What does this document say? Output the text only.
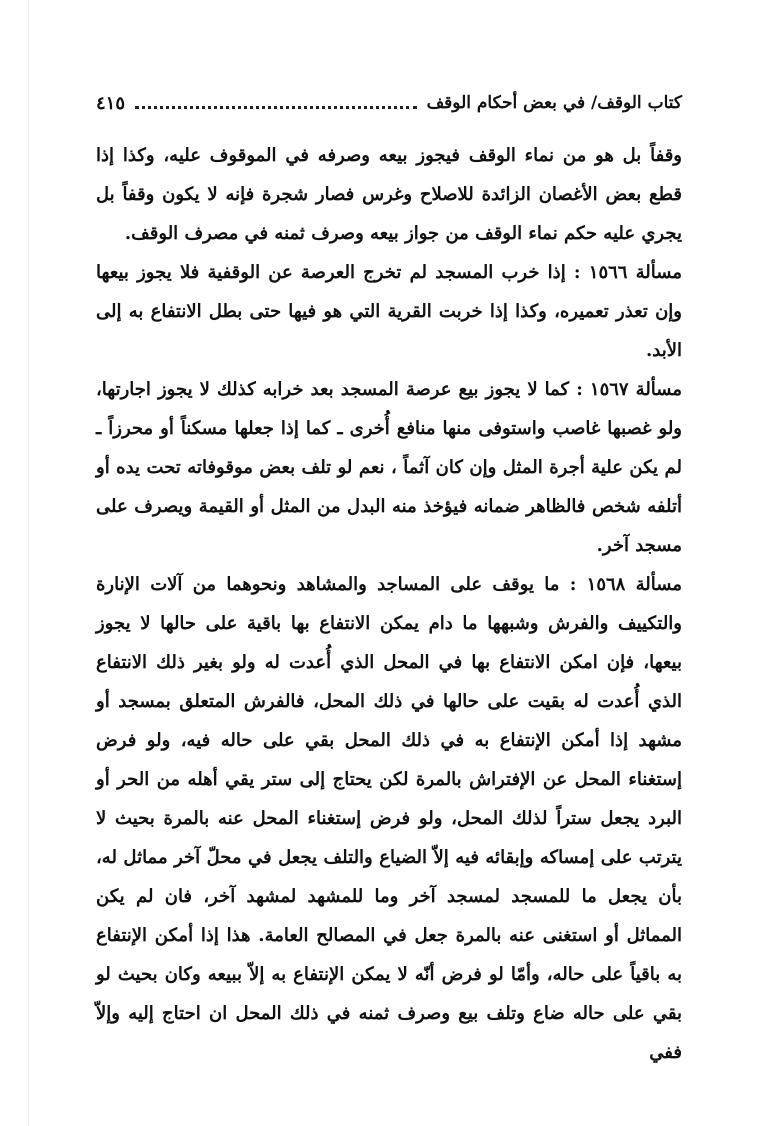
كتاب الوقف/ في بعض أحكام الوقف
٤١٥

وقفاً بل هو من نماء الوقف فيجوز بيعه وصرفه في الموقوف عليه، وكذا إذا قطع بعض الأغصان الزائدة للاصلاح وغرس فصار شجرة فإنه لا يكون وقفاً بل يجري عليه حكم نماء الوقف من جواز بيعه وصرف ثمنه في مصرف الوقف.

مسألة ١٥٦٦ : إذا خرب المسجد لم تخرج العرصة عن الوقفية فلا يجوز بيعها وإن تعذر تعميره، وكذا إذا خربت القرية التي هو فيها حتى بطل الانتفاع به إلى الأبد.

مسألة ١٥٦٧ : كما لا يجوز بيع عرصة المسجد بعد خرابه كذلك لا يجوز اجارتها، ولو غصبها غاصب واستوفى منها منافع أُخرى ـ كما إذا جعلها مسكناً أو محرزاً ـ لم يكن علية أجرة المثل وإن كان آثماً ، نعم لو تلف بعض موقوفاته تحت يده أو أتلفه شخص فالظاهر ضمانه فيؤخذ منه البدل من المثل أو القيمة ويصرف على مسجد آخر.

مسألة ١٥٦٨ : ما يوقف على المساجد والمشاهد ونحوهما من آلات الإنارة والتكييف والفرش وشبهها ما دام يمكن الانتفاع بها باقية على حالها لا يجوز بيعها، فإن امكن الانتفاع بها في المحل الذي أُعدت له ولو بغير ذلك الانتفاع الذي أُعدت له بقيت على حالها في ذلك المحل، فالفرش المتعلق بمسجد أو مشهد إذا أمكن الإنتفاع به في ذلك المحل بقي على حاله فيه، ولو فرض إستغناء المحل عن الإفتراش بالمرة لكن يحتاج إلى ستر يقي أهله من الحر أو البرد يجعل ستراً لذلك المحل، ولو فرض إستغناء المحل عنه بالمرة بحيث لا يترتب على إمساكه وإبقائه فيه إلاّ الضياع والتلف يجعل في محلّ آخر مماثل له، بأن يجعل ما للمسجد لمسجد آخر وما للمشهد لمشهد آخر، فان لم يكن المماثل أو استغنى عنه بالمرة جعل في المصالح العامة. هذا إذا أمكن الإنتفاع به باقياً على حاله، وأمّا لو فرض أنّه لا يمكن الإنتفاع به إلاّ ببيعه وكان بحيث لو بقي على حاله ضاع وتلف بيع وصرف ثمنه في ذلك المحل ان احتاج إليه وإلاّ ففي
